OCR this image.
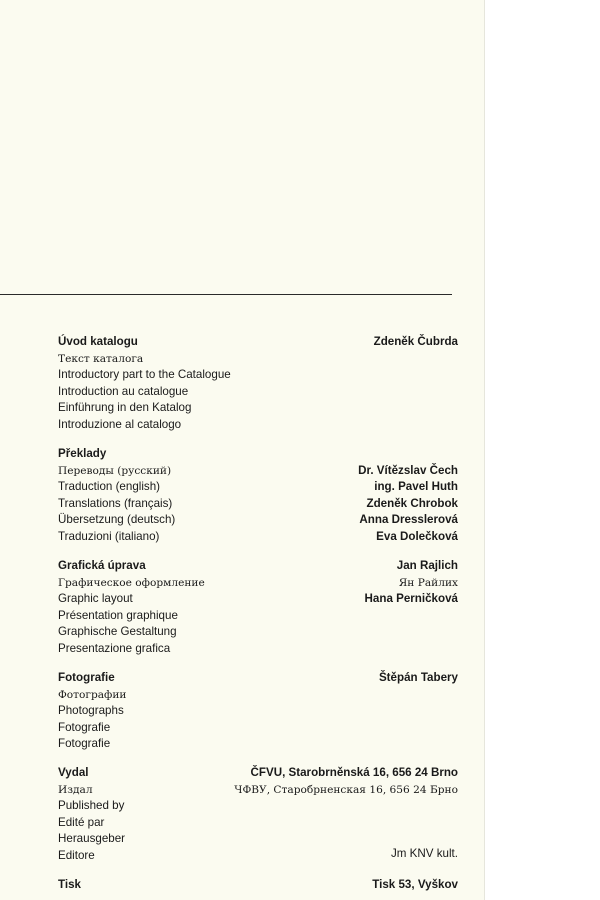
Úvod katalogu	Zdeněk Čubrda
Текст каталога
Introductory part to the Catalogue
Introduction au catalogue
Einführung in den Katalog
Introduzione al catalogo
Překlady
Переводы (русский)	Dr. Vítězslav Čech
Traduction (english)	ing. Pavel Huth
Translations (français)	Zdeněk Chrobok
Übersetzung (deutsch)	Anna Dresslerová
Traduzioni (italiano)	Eva Dolečková
Grafická úprava	Jan Rajlich
Графическое оформление	Ян Райлих
Graphic layout	Hana Perničková
Présentation graphique
Graphische Gestaltung
Presentazione grafica
Fotografie	Štěpán Tabery
Фотографии
Photographs
Fotografie
Fotografie
Vydal	ČFVU, Starobrněnská 16, 656 24 Brno
Издал	ЧФВУ, Старобрненская 16, 656 24 Брно
Published by
Edité par
Herausgeber
Editore	Jm KNV kult.
Tisk	Tisk 53, Vyškov
